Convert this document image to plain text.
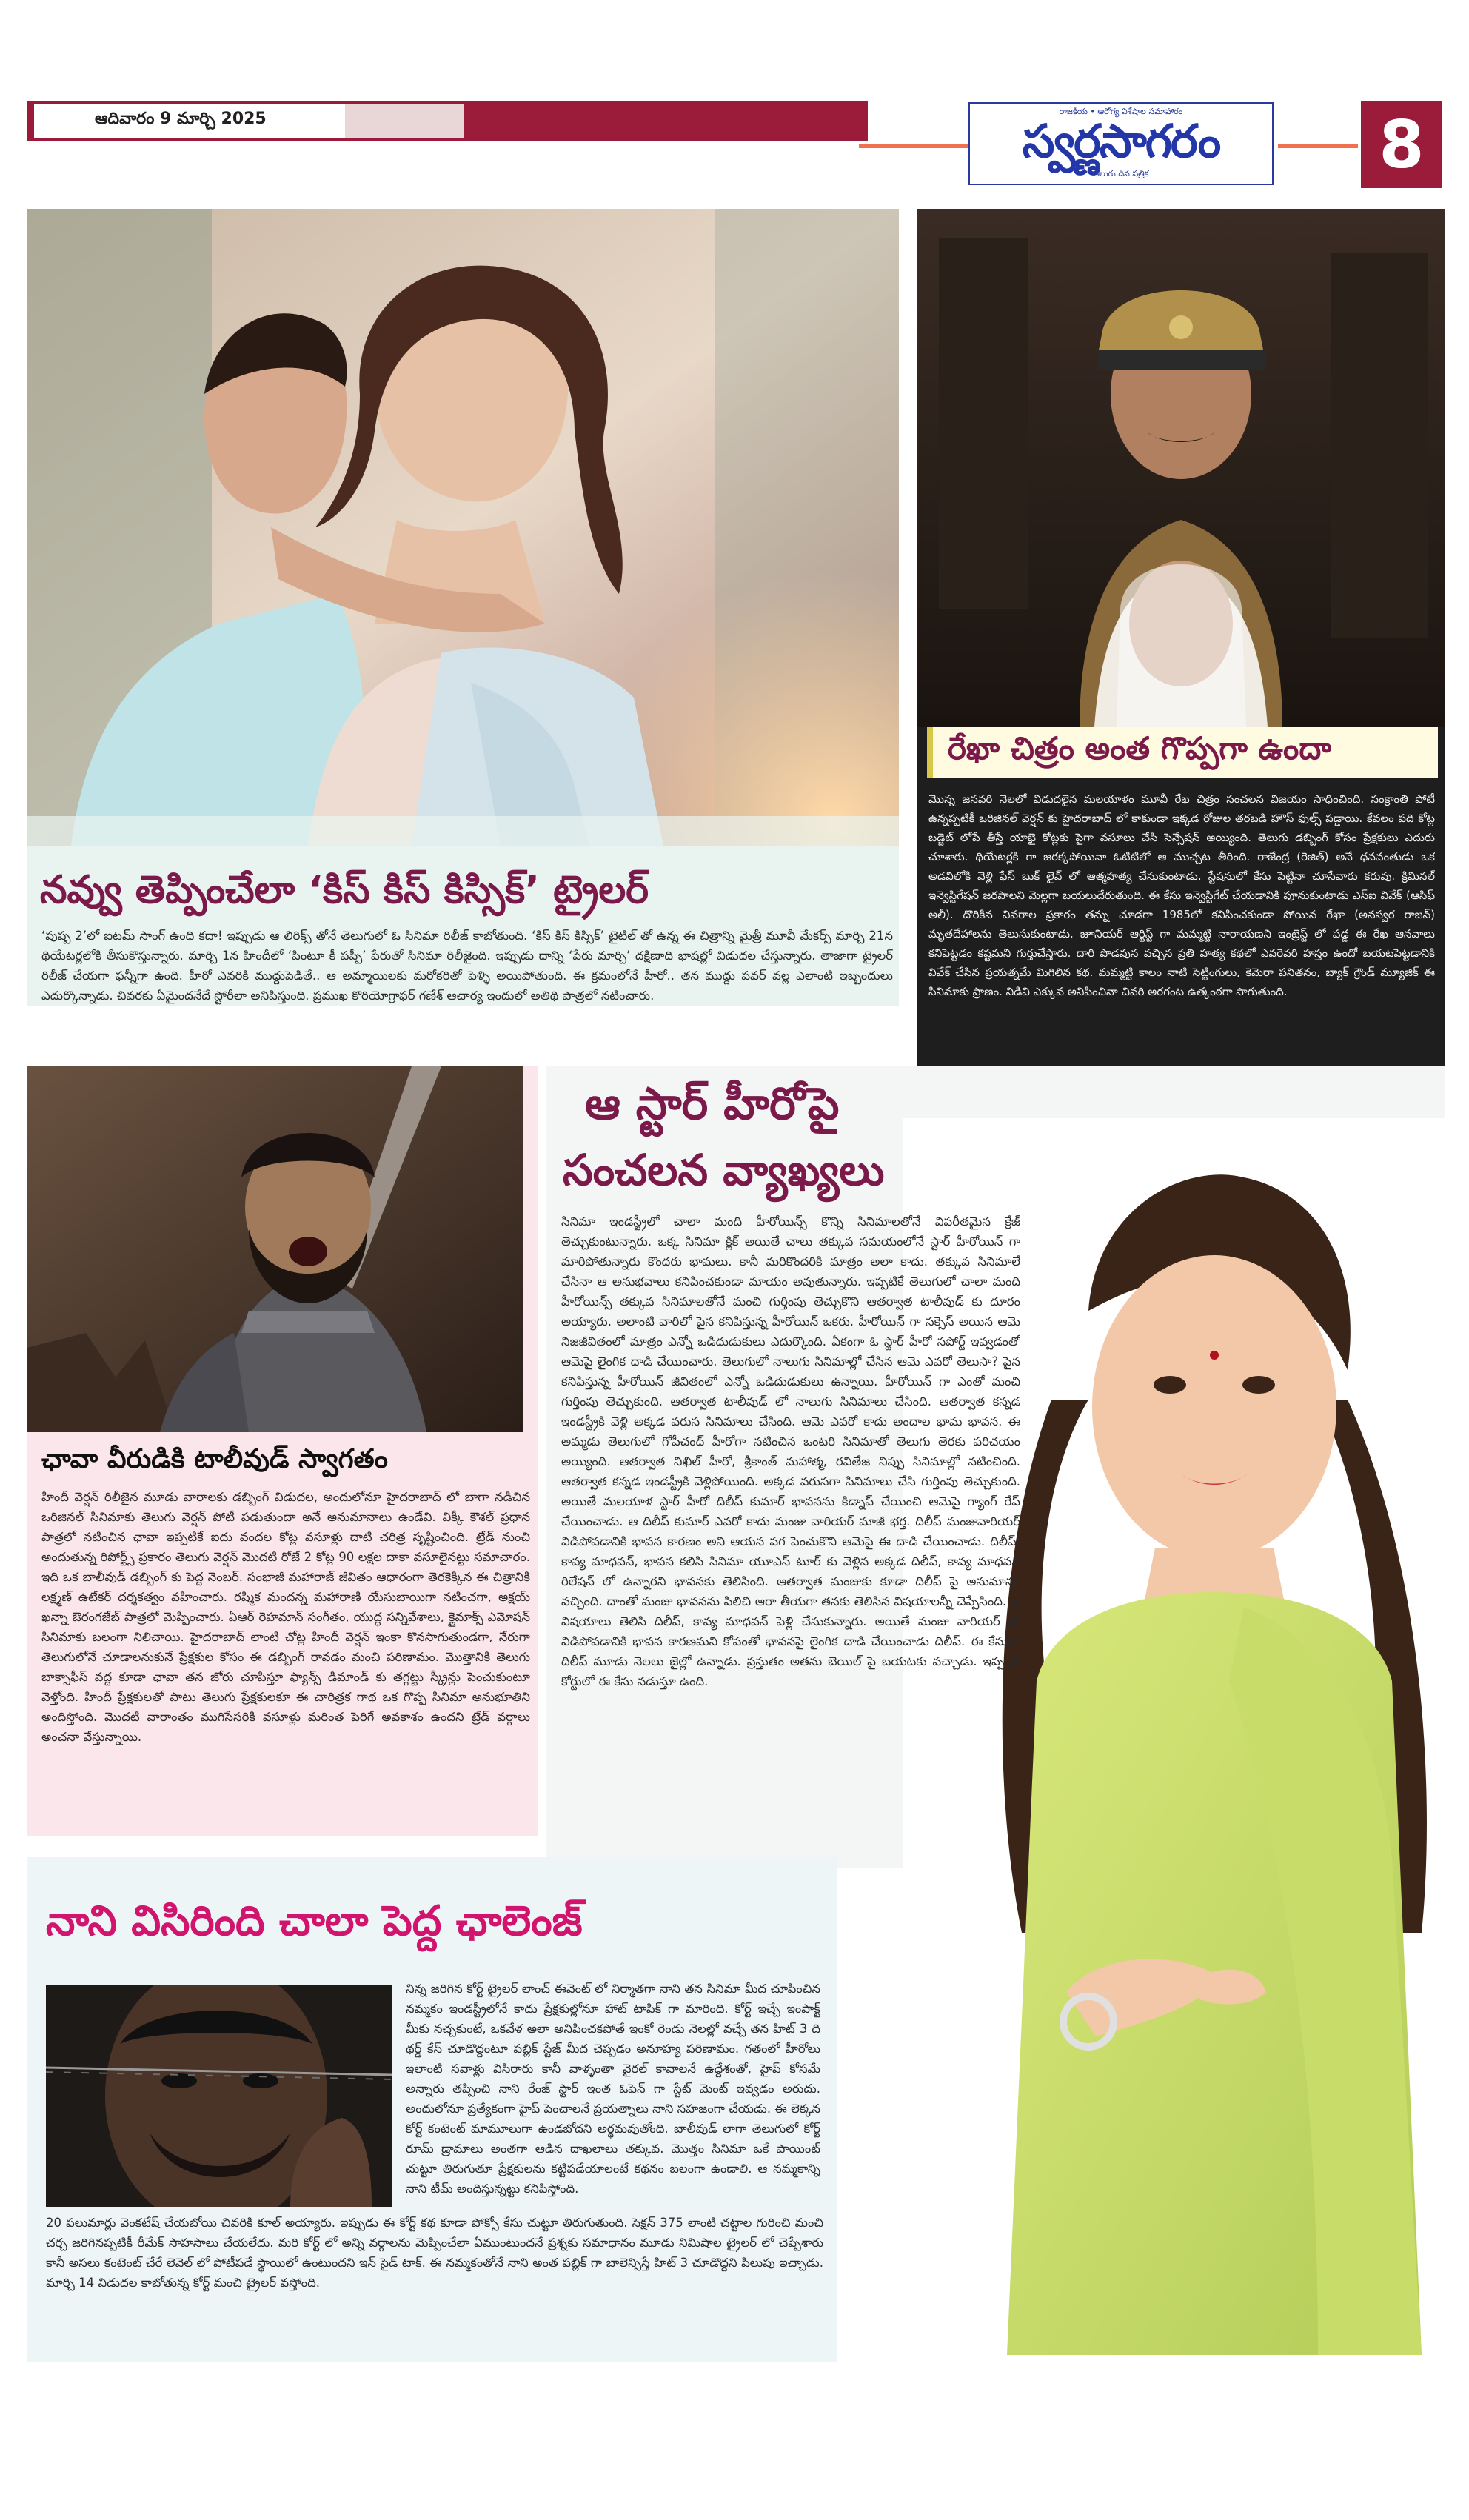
ఆదివారం 9 మార్చి 2025	రాజకీయ • ఆరోగ్య విశేషాల సమాహారం
స్వర్ణసాగరం
తెలుగు దిన పత్రిక	8
నవ్వు తెప్పించేలా ‘కిస్ కిస్ కిస్సిక్’ ట్రైలర్
‘పుష్ప 2’లో ఐటమ్ సాంగ్ ఉంది కదా! ఇప్పుడు ఆ లిరిక్స్‌ తోనే తెలుగులో ఓ సినిమా రిలీజ్ కాబోతుంది. ‘కిస్ కిస్ కిస్సిక్’ టైటిల్ తో ఉన్న ఈ చిత్రాన్ని మైత్రీ మూవీ మేకర్స్ మార్చి 21న థియేటర్లలోకి తీసుకొస్తున్నారు. మార్చి 1న హిందీలో ‘పింటూ కీ పప్పీ’ పేరుతో సినిమా రిలీజైంది. ఇప్పుడు దాన్ని ‘పేరు మార్చి’ దక్షిణాది భాషల్లో విడుదల చేస్తున్నారు. తాజాగా ట్రైలర్ రిలీజ్ చేయగా ఫన్నీగా ఉంది. హీరో ఎవరికి ముద్దుపెడితే.. ఆ అమ్మాయిలకు మరోకరితో పెళ్ళి అయిపోతుంది. ఈ క్రమంలోనే హీరో.. తన ముద్దు పవర్ వల్ల ఎలాంటి ఇబ్బందులు ఎదుర్కొన్నాడు. చివరకు ఏమైందనేదే స్టోరీలా అనిపిస్తుంది. ప్రముఖ కొరియోగ్రాఫర్ గణేశ్ ఆచార్య ఇందులో అతిథి పాత్రలో నటించారు.
రేఖా చిత్రం అంత గొప్పగా ఉందా
మొన్న జనవరి నెలలో విడుదలైన మలయాళం మూవీ రేఖ చిత్రం సంచలన విజయం సాధించింది. సంక్రాంతి పోటీ ఉన్నప్పటికీ ఒరిజినల్ వెర్షన్ కు హైదరాబాద్ లో కాకుండా ఇక్కడ రోజుల తరబడి హౌస్ ఫుల్స్ పడ్డాయి. కేవలం పది కోట్ల బడ్జెట్ లోపే తీస్తే యాభై కోట్లకు పైగా వసూలు చేసి సెన్సేషన్ అయ్యింది. తెలుగు డబ్బింగ్ కోసం ప్రేక్షకులు ఎదురు చూశారు. థియేటర్లకి గా జరక్కపోయినా ఓటిటిలో ఆ ముచ్చట తీరింది. రాజేంద్ర (రెజిత్) అనే ధనవంతుడు ఒక అడవిలోకి వెళ్లి ఫేస్ బుక్ లైవ్ లో ఆత్మహత్య చేసుకుంటాడు. స్టేషనులో కేసు పెట్టినా చూసేవారు కరువు. క్రిమినల్ ఇన్వెస్టిగేషన్ జరపాలని మెల్లగా బయలుదేరుతుంది. ఈ కేసు ఇన్వెస్టిగేట్ చేయడానికి పూనుకుంటాడు ఎస్ఐ వివేక్ (ఆసిఫ్ అలీ). దొరికిన వివరాల ప్రకారం తన్ను చూడగా 1985లో కనిపించకుండా పోయిన రేఖా (అనస్వర రాజన్) మృతదేహాలను తెలుసుకుంటాడు. జూనియర్ ఆర్టిస్ట్ గా మమ్మట్టి నారాయణని ఇంట్రెస్ట్ లో పడ్డ ఈ రేఖ ఆనవాలు కనిపెట్టడం కష్టమని గుర్తుచేస్తారు. దారి పొడవున వచ్చిన ప్రతి హత్య కథలో ఎవరెవరి హస్తం ఉందో బయటపెట్టడానికి వివేక్ చేసిన ప్రయత్నమే మిగిలిన కథ. మమ్మట్టి కాలం నాటి సెట్టింగులు, కెమెరా పనితనం, బ్యాక్ గ్రౌండ్ మ్యూజిక్ ఈ సినిమాకు ప్రాణం. నిడివి ఎక్కువ అనిపించినా చివరి అరగంట ఉత్కంఠగా సాగుతుంది.
ఛావా వీరుడికి టాలీవుడ్ స్వాగతం
హిందీ వెర్షన్ రిలీజైన మూడు వారాలకు డబ్బింగ్ విడుదల, అందులోనూ హైదరాబాద్ లో బాగా నడిచిన ఒరిజినల్ సినిమాకు తెలుగు వెర్షన్ పోటీ పడుతుందా అనే అనుమానాలు ఉండేవి. విక్కీ కౌశల్ ప్రధాన పాత్రలో నటించిన ఛావా ఇప్పటికే ఐదు వందల కోట్ల వసూళ్లు దాటి చరిత్ర సృష్టించింది. ట్రేడ్ నుంచి అందుతున్న రిపోర్ట్స్ ప్రకారం తెలుగు వెర్షన్ మొదటి రోజే 2 కోట్ల 90 లక్షల దాకా వసూలైనట్టు సమాచారం. ఇది ఒక బాలీవుడ్ డబ్బింగ్ కు పెద్ద నెంబర్. సంభాజీ మహారాజ్ జీవితం ఆధారంగా తెరకెక్కిన ఈ చిత్రానికి లక్ష్మణ్ ఉటేకర్ దర్శకత్వం వహించారు. రష్మిక మందన్న మహారాణి యేసుబాయిగా నటించగా, అక్షయ్ ఖన్నా ఔరంగజేబ్ పాత్రలో మెప్పించారు. ఏఆర్ రెహమాన్ సంగీతం, యుద్ధ సన్నివేశాలు, క్లైమాక్స్ ఎమోషన్ సినిమాకు బలంగా నిలిచాయి. హైదరాబాద్ లాంటి చోట్ల హిందీ వెర్షన్ ఇంకా కొనసాగుతుండగా, నేరుగా తెలుగులోనే చూడాలనుకునే ప్రేక్షకుల కోసం ఈ డబ్బింగ్ రావడం మంచి పరిణామం. మొత్తానికి తెలుగు బాక్సాఫీస్ వద్ద కూడా ఛావా తన జోరు చూపిస్తూ ఫ్యాన్స్ డిమాండ్ కు తగ్గట్టు స్క్రీన్లు పెంచుకుంటూ వెళ్తోంది. హిందీ ప్రేక్షకులతో పాటు తెలుగు ప్రేక్షకులకూ ఈ చారిత్రక గాథ ఒక గొప్ప సినిమా అనుభూతిని అందిస్తోంది. మొదటి వారాంతం ముగిసేసరికి వసూళ్లు మరింత పెరిగే అవకాశం ఉందని ట్రేడ్ వర్గాలు అంచనా వేస్తున్నాయి.
ఆ స్టార్ హీరోపై
సంచలన వ్యాఖ్యలు
సినిమా ఇండస్ట్రీలో చాలా మంది హీరోయిన్స్ కొన్ని సినిమాలతోనే విపరీతమైన క్రేజ్ తెచ్చుకుంటున్నారు. ఒక్క సినిమా క్లిక్ అయితే చాలు తక్కువ సమయంలోనే స్టార్ హీరోయిన్ గా మారిపోతున్నారు కొందరు భామలు. కానీ మరికొందరికి మాత్రం అలా కాదు. తక్కువ సినిమాలే చేసినా ఆ అనుభవాలు కనిపించకుండా మాయం అవుతున్నారు. ఇప్పటికే తెలుగులో చాలా మంది హీరోయిన్స్ తక్కువ సినిమాలతోనే మంచి గుర్తింపు తెచ్చుకొని ఆతర్వాత టాలీవుడ్ కు దూరం అయ్యారు. అలాంటి వారిలో పైన కనిపిస్తున్న హీరోయిన్ ఒకరు. హీరోయిన్ గా సక్సెస్ అయిన ఆమె నిజజీవితంలో మాత్రం ఎన్నో ఒడిదుడుకులు ఎదుర్కొంది. ఏకంగా ఓ స్టార్ హీరో సపోర్ట్ ఇవ్వడంతో ఆమెపై లైంగిక దాడి చేయించారు. తెలుగులో నాలుగు సినిమాల్లో చేసిన ఆమె ఎవరో తెలుసా? పైన కనిపిస్తున్న హీరోయిన్ జీవితంలో ఎన్నో ఒడిదుడుకులు ఉన్నాయి. హీరోయిన్ గా ఎంతో మంచి గుర్తింపు తెచ్చుకుంది. ఆతర్వాత టాలీవుడ్ లో నాలుగు సినిమాలు చేసింది. ఆతర్వాత కన్నడ ఇండస్ట్రీకి వెళ్లి అక్కడ వరుస సినిమాలు చేసింది. ఆమె ఎవరో కాదు అందాల భామ భావన. ఈ అమ్మడు తెలుగులో గోపీచంద్ హీరోగా నటించిన ఒంటరి సినిమాతో తెలుగు తెరకు పరిచయం అయ్యింది. ఆతర్వాత నిఖిల్ హీరో, శ్రీకాంత్ మహాత్మ, రవితేజ నిప్పు సినిమాల్లో నటించింది. ఆతర్వాత కన్నడ ఇండస్ట్రీకి వెళ్లిపోయింది. అక్కడ వరుసగా సినిమాలు చేసి గుర్తింపు తెచ్చుకుంది. అయితే మలయాళ స్టార్ హీరో దిలీప్ కుమార్ భావనను కిడ్నాప్ చేయించి ఆమెపై గ్యాంగ్ రేప్ చేయించాడు. ఆ దిలీప్ కుమార్ ఎవరో కాదు మంజు వారియర్ మాజీ భర్త. దిలీప్ మంజువారియర్ విడిపోవడానికి భావన కారణం అని ఆయన పగ పెంచుకొని ఆమెపై ఈ దాడి చేయించాడు. దిలీప్, కావ్య మాధవన్, భావన కలిసి సినిమా యూఎస్ టూర్ కు వెళ్లిన అక్కడ దిలీప్, కావ్య మాధవన్ రిలేషన్ లో ఉన్నారని భావనకు తెలిసింది. ఆతర్వాత మంజుకు కూడా దిలీప్ పై అనుమానం వచ్చింది. దాంతో మంజు భావనను పిలిచి ఆరా తీయగా తనకు తెలిసిన విషయాలన్నీ చెప్పేసింది. ఆ విషయాలు తెలిసి దిలీప్, కావ్య మాధవన్ పెళ్లి చేసుకున్నారు. అయితే మంజు వారియర్ తో విడిపోవడానికి భావన కారణమని కోపంతో భావనపై లైంగిక దాడి చేయించాడు దిలీప్. ఈ కేసులో దిలీప్ మూడు నెలలు జైల్లో ఉన్నాడు. ప్రస్తుతం అతను బెయిల్ పై బయటకు వచ్చాడు. ఇప్పటికీ కోర్టులో ఈ కేసు నడుస్తూ ఉంది.
నాని విసిరింది చాలా పెద్ద ఛాలెంజ్
నిన్న జరిగిన కోర్ట్ ట్రైలర్ లాంచ్ ఈవెంట్ లో నిర్మాతగా నాని తన సినిమా మీద చూపించిన నమ్మకం ఇండస్ట్రీలోనే కాదు ప్రేక్షకుల్లోనూ హాట్ టాపిక్ గా మారింది. కోర్ట్ ఇచ్చే ఇంపాక్ట్ మీకు నచ్చకుంటే, ఒకవేళ అలా అనిపించకపోతే ఇంకో రెండు నెలల్లో వచ్చే తన హిట్ 3 ది థర్డ్ కేస్ చూడొద్దంటూ పబ్లిక్ స్టేజ్ మీద చెప్పడం అనూహ్య పరిణామం. గతంలో హీరోలు ఇలాంటి సవాళ్లు విసిరారు కానీ వాళ్ళంతా వైరల్ కావాలనే ఉద్దేశంతో, హైప్ కోసమే అన్నారు తప్పించి నాని రేంజ్ స్టార్ ఇంత ఓపెన్ గా స్టేట్ మెంట్ ఇవ్వడం అరుదు. అందులోనూ ప్రత్యేకంగా హైప్ పెంచాలనే ప్రయత్నాలు నాని సహజంగా చేయడు. ఈ లెక్కన కోర్ట్ కంటెంట్ మామూలుగా ఉండబోదని అర్థమవుతోంది. బాలీవుడ్ లాగా తెలుగులో కోర్ట్ రూమ్ డ్రామాలు అంతగా ఆడిన దాఖలాలు తక్కువ. మొత్తం సినిమా ఒకే పాయింట్ చుట్టూ తిరుగుతూ ప్రేక్షకులను కట్టిపడేయాలంటే కథనం బలంగా ఉండాలి. ఆ నమ్మకాన్ని నాని టీమ్ అందిస్తున్నట్టు కనిపిస్తోంది.
20 పలుమార్లు వెంకటేష్ చేయబోయి చివరికి కూల్ అయ్యారు. ఇప్పుడు ఈ కోర్ట్ కథ కూడా పోక్సో కేసు చుట్టూ తిరుగుతుంది. సెక్షన్ 375 లాంటి చట్టాల గురించి మంచి చర్చ జరిగినప్పటికీ రీమేక్ సాహసాలు చేయలేదు. మరి కోర్ట్ లో అన్ని వర్గాలను మెప్పించేలా ఏముంటుందనే ప్రశ్నకు సమాధానం మూడు నిమిషాల ట్రైలర్ లో చెప్పేశారు కానీ అసలు కంటెంట్ చేరే లెవెల్ లో పోటీపడే స్థాయిలో ఉంటుందని ఇన్ సైడ్ టాక్. ఈ నమ్మకంతోనే నాని అంత పబ్లిక్ గా బాలెన్సిస్తే హిట్ 3 చూడొద్దని పిలుపు ఇచ్చాడు. మార్చి 14 విడుదల కాబోతున్న కోర్ట్ మంచి ట్రైలర్ వస్తోంది.
